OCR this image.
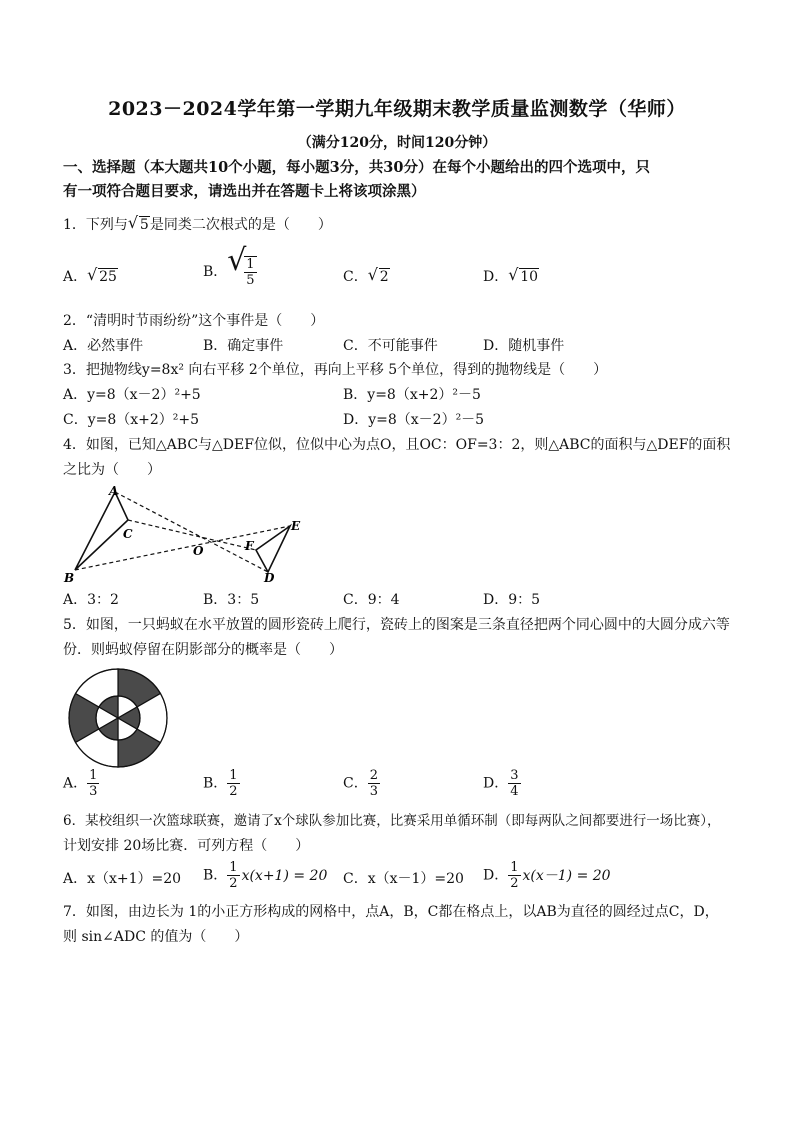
2023－2024学年第一学期九年级期末教学质量监测数学（华师）
（满分120分，时间120分钟）
一、选择题（本大题共10个小题，每小题3分，共30分）在每个小题给出的四个选项中，只
有一项符合题目要求，请选出并在答题卡上将该项涂黑）
1．下列与 √ 5是同类二次根式的是（　　）
A． √ 25	B． √
$\frac{1}{5}$	C． √ 2	D． √ 10
2．“清明时节雨纷纷”这个事件是（　　）
A．必然事件	B．确定事件	C．不可能事件	D．随机事件
3．把抛物线y=8x² 向右平移 2个单位，再向上平移 5个单位，得到的抛物线是（　　）
A．y=8（x－2）²+5	B．y=8（x+2）²－5
C．y=8（x+2）²+5	D．y=8（x－2）²－5
4．如图，已知△ABC与△DEF位似，位似中心为点O，且OC：OF=3：2，则△ABC的面积与△DEF的面积
之比为（　　）
A
B
C
O
D
E
F
A．3：2	B．3：5	C．9：4	D．9：5
5．如图，一只蚂蚁在水平放置的圆形瓷砖上爬行，瓷砖上的图案是三条直径把两个同心圆中的大圆分成六等
份．则蚂蚁停留在阴影部分的概率是（　　）
A． $\frac{1}{3}$	B． $\frac{1}{2}$	C． $\frac{2}{3}$	D． $\frac{3}{4}$
6．某校组织一次篮球联赛，邀请了x个球队参加比赛，比赛采用单循环制（即每两队之间都要进行一场比赛），
计划安排 20场比赛．可列方程（　　）
A．x（x+1）=20 B． $\frac{1}{2} x(x+1) = 20$ C．x（x－1）=20 D． $\frac{1}{2} x(x-1) = 20$
7．如图，由边长为 1的小正方形构成的网格中，点A，B，C都在格点上，以AB为直径的圆经过点C，D，
则 sin∠ADC 的值为（　　）
